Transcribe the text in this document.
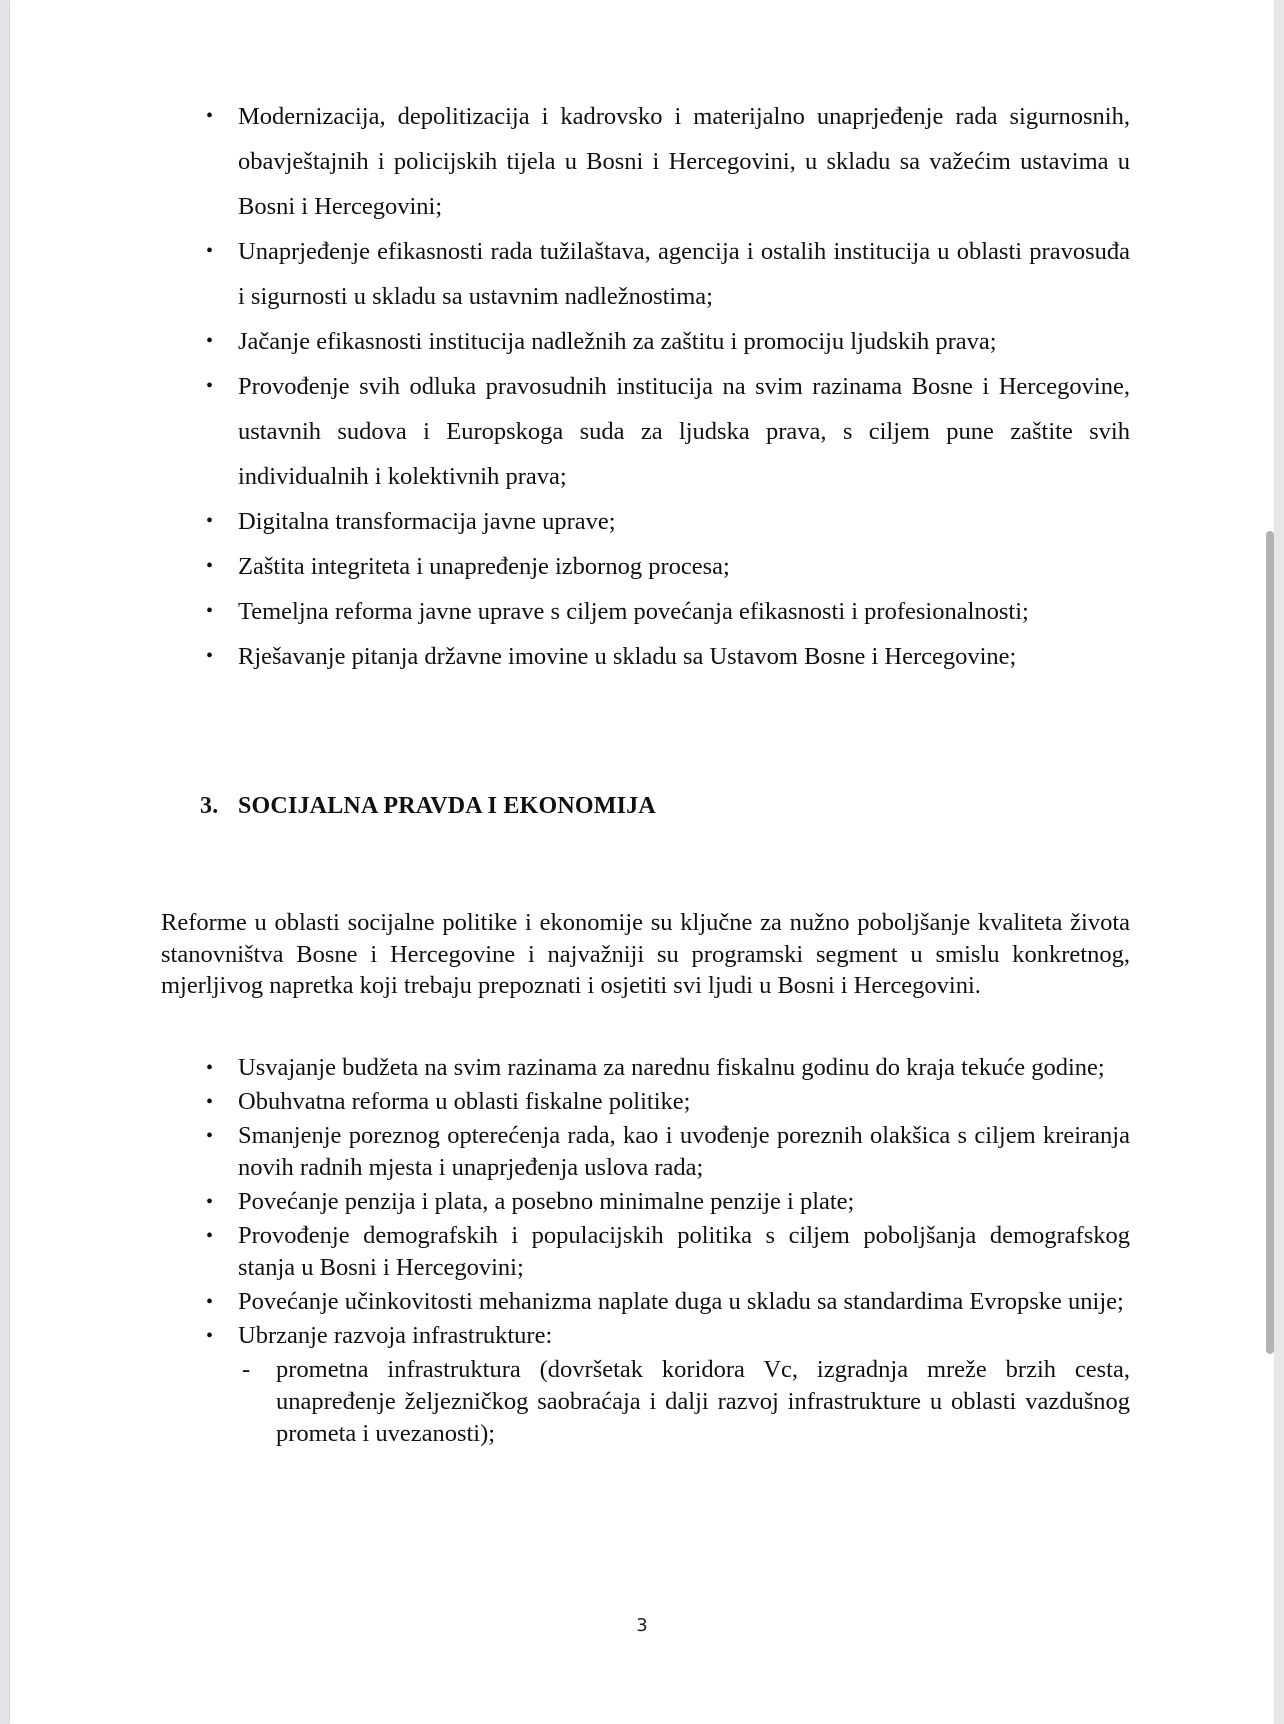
• Modernizacija, depolitizacija i kadrovsko i materijalno unaprjeđenje rada sigurnosnih, obavještajnih i policijskih tijela u Bosni i Hercegovini, u skladu sa važećim ustavima u Bosni i Hercegovini;
• Unaprjeđenje efikasnosti rada tužilaštava, agencija i ostalih institucija u oblasti pravosuđa i sigurnosti u skladu sa ustavnim nadležnostima;
• Jačanje efikasnosti institucija nadležnih za zaštitu i promociju ljudskih prava;
• Provođenje svih odluka pravosudnih institucija na svim razinama Bosne i Hercegovine, ustavnih sudova i Europskoga suda za ljudska prava, s ciljem pune zaštite svih individualnih i kolektivnih prava;
• Digitalna transformacija javne uprave;
• Zaštita integriteta i unapređenje izbornog procesa;
• Temeljna reforma javne uprave s ciljem povećanja efikasnosti i profesionalnosti;
• Rješavanje pitanja državne imovine u skladu sa Ustavom Bosne i Hercegovine;
3. SOCIJALNA PRAVDA I EKONOMIJA

Reforme u oblasti socijalne politike i ekonomije su ključne za nužno poboljšanje kvaliteta života stanovništva Bosne i Hercegovine i najvažniji su programski segment u smislu konkretnog, mjerljivog napretka koji trebaju prepoznati i osjetiti svi ljudi u Bosni i Hercegovini.

• Usvajanje budžeta na svim razinama za narednu fiskalnu godinu do kraja tekuće godine;
• Obuhvatna reforma u oblasti fiskalne politike;
• Smanjenje poreznog opterećenja rada, kao i uvođenje poreznih olakšica s ciljem kreiranja novih radnih mjesta i unaprjeđenja uslova rada;
• Povećanje penzija i plata, a posebno minimalne penzije i plate;
• Provođenje demografskih i populacijskih politika s ciljem poboljšanja demografskog stanja u Bosni i Hercegovini;
• Povećanje učinkovitosti mehanizma naplate duga u skladu sa standardima Evropske unije;
• Ubrzanje razvoja infrastrukture:
- prometna infrastruktura (dovršetak koridora Vc, izgradnja mreže brzih cesta, unapređenje željezničkog saobraćaja i dalji razvoj infrastrukture u oblasti vazdušnog prometa i uvezanosti);
3
